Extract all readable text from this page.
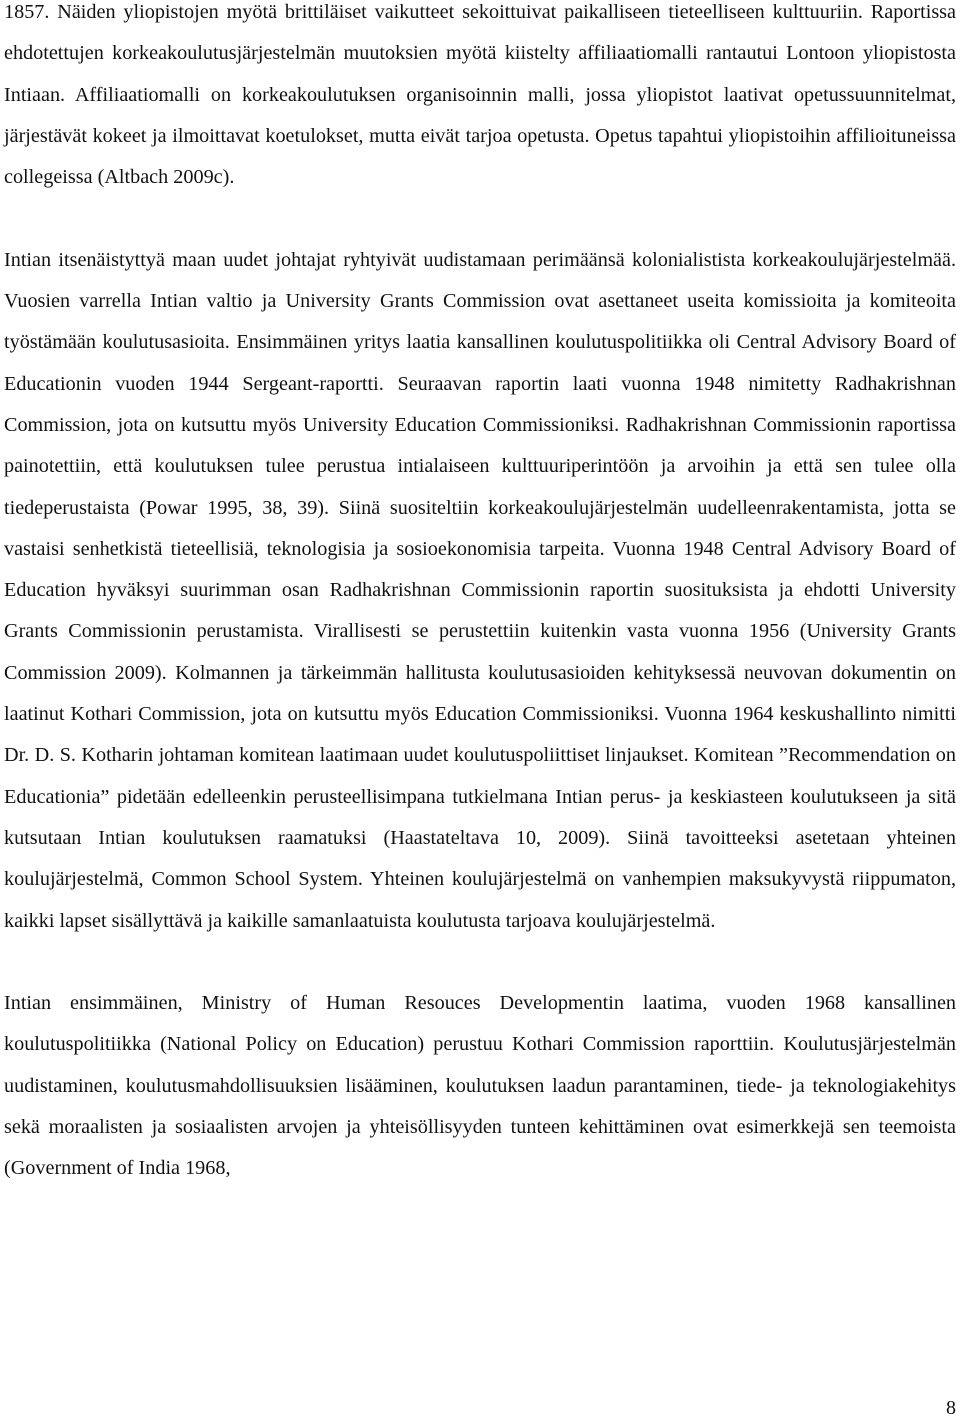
1857. Näiden yliopistojen myötä brittiläiset vaikutteet sekoittuivat paikalliseen tieteelliseen kulttuuriin. Raportissa ehdotettujen korkeakoulutusjärjestelmän muutoksien myötä kiistelty affiliaatiomalli rantautui Lontoon yliopistosta Intiaan. Affiliaatiomalli on korkeakoulutuksen organisoinnin malli, jossa yliopistot laativat opetussuunnitelmat, järjestävät kokeet ja ilmoittavat koetulokset, mutta eivät tarjoa opetusta. Opetus tapahtui yliopistoihin affilioituneissa collegeissa (Altbach 2009c).

Intian itsenäistyttyä maan uudet johtajat ryhtyivät uudistamaan perimäänsä kolonialistista korkeakoulujärjestelmää. Vuosien varrella Intian valtio ja University Grants Commission ovat asettaneet useita komissioita ja komiteoita työstämään koulutusasioita. Ensimmäinen yritys laatia kansallinen koulutuspolitiikka oli Central Advisory Board of Educationin vuoden 1944 Sergeant-raportti. Seuraavan raportin laati vuonna 1948 nimitetty Radhakrishnan Commission, jota on kutsuttu myös University Education Commissioniksi. Radhakrishnan Commissionin raportissa painotettiin, että koulutuksen tulee perustua intialaiseen kulttuuriperintöön ja arvoihin ja että sen tulee olla tiedeperustaista (Powar 1995, 38, 39). Siinä suositeltiin korkeakoulujärjestelmän uudelleenrakentamista, jotta se vastaisi senhetkistä tieteellisiä, teknologisia ja sosioekonomisia tarpeita. Vuonna 1948 Central Advisory Board of Education hyväksyi suurimman osan Radhakrishnan Commissionin raportin suosituksista ja ehdotti University Grants Commissionin perustamista. Virallisesti se perustettiin kuitenkin vasta vuonna 1956 (University Grants Commission 2009). Kolmannen ja tärkeimmän hallitusta koulutusasioiden kehityksessä neuvovan dokumentin on laatinut Kothari Commission, jota on kutsuttu myös Education Commissioniksi. Vuonna 1964 keskushallinto nimitti Dr. D. S. Kotharin johtaman komitean laatimaan uudet koulutuspoliittiset linjaukset. Komitean ”Recommendation on Educationia” pidetään edelleenkin perusteellisimpana tutkielmana Intian perus- ja keskiasteen koulutukseen ja sitä kutsutaan Intian koulutuksen raamatuksi (Haastateltava 10, 2009). Siinä tavoitteeksi asetetaan yhteinen koulujärjestelmä, Common School System. Yhteinen koulujärjestelmä on vanhempien maksukyvystä riippumaton, kaikki lapset sisällyttävä ja kaikille samanlaatuista koulutusta tarjoava koulujärjestelmä.

Intian ensimmäinen, Ministry of Human Resouces Developmentin laatima, vuoden 1968 kansallinen koulutuspolitiikka (National Policy on Education) perustuu Kothari Commission raporttiin. Koulutusjärjestelmän uudistaminen, koulutusmahdollisuuksien lisääminen, koulutuksen laadun parantaminen, tiede- ja teknologiakehitys sekä moraalisten ja sosiaalisten arvojen ja yhteisöllisyyden tunteen kehittäminen ovat esimerkkejä sen teemoista (Government of India 1968,

8
